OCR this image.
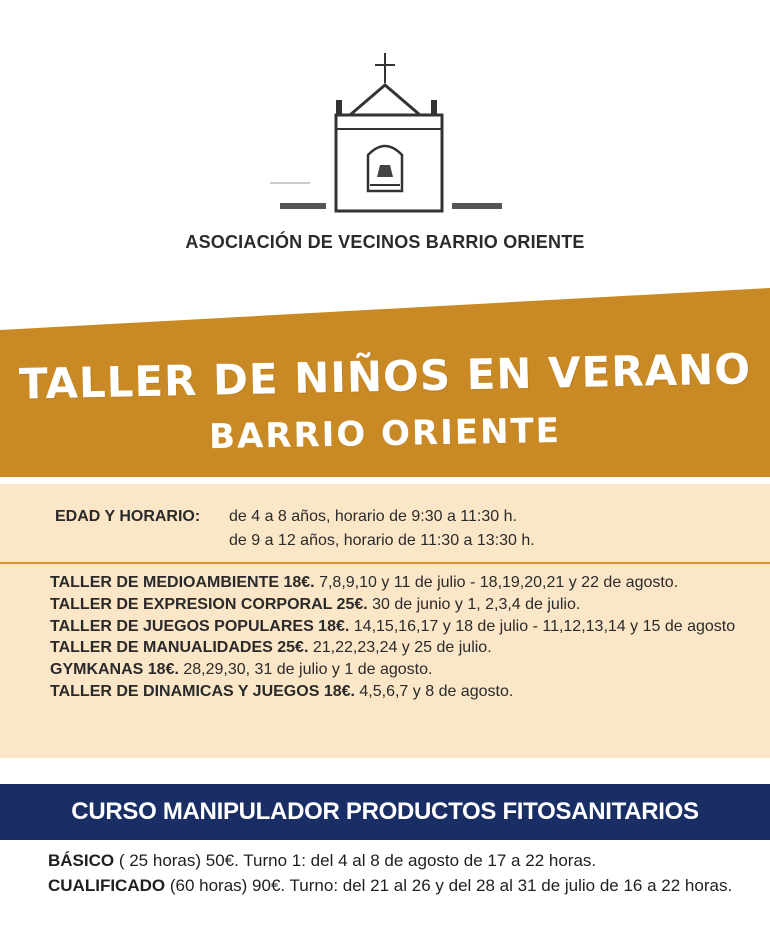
ASOCIACIÓN DE VECINOS BARRIO ORIENTE
TALLER DE NIÑOS EN VERANO
BARRIO ORIENTE
EDAD Y HORARIO: de 4 a 8 años, horario de 9:30 a 11:30 h.
de 9 a 12 años, horario de 11:30 a 13:30 h.
TALLER DE MEDIOAMBIENTE 18€. 7,8,9,10 y 11 de julio - 18,19,20,21 y 22 de agosto.
TALLER DE EXPRESION CORPORAL 25€. 30 de junio y 1, 2,3,4 de julio.
TALLER DE JUEGOS POPULARES 18€. 14,15,16,17 y 18 de julio - 11,12,13,14 y 15 de agosto
TALLER DE MANUALIDADES 25€. 21,22,23,24 y 25 de julio.
GYMKANAS 18€. 28,29,30, 31 de julio y 1 de agosto.
TALLER DE DINAMICAS Y JUEGOS 18€. 4,5,6,7 y 8 de agosto.
CURSO MANIPULADOR PRODUCTOS FITOSANITARIOS
BÁSICO ( 25 horas) 50€. Turno 1: del 4 al 8 de agosto de 17 a 22 horas.
CUALIFICADO (60 horas) 90€. Turno: del 21 al 26 y del 28 al 31 de julio de 16 a 22 horas.
